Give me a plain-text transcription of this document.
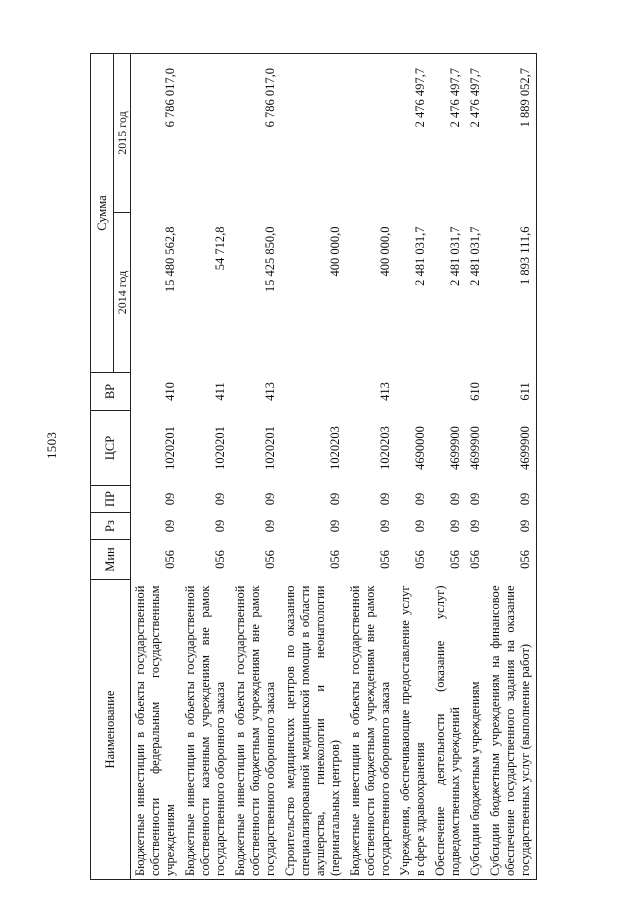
1503
Наименование	Мин	Рз	ПР	ЦСР	ВР	Сумма	
						2014 год	2015 год
Бюджетные инвестиции в объекты государственной собственности федеральным государственным учреждениям	056	09	09	1020201	410	15 480 562,8	6 786 017,0
Бюджетные инвестиции в объекты государственной собственности казенным учреждениям вне рамок государственного оборонного заказа	056	09	09	1020201	411	54 712,8	
Бюджетные инвестиции в объекты государственной собственности бюджетным учреждениям вне рамок государственного оборонного заказа	056	09	09	1020201	413	15 425 850,0	6 786 017,0
Строительство медицинских центров по оказанию специализированной медицинской помощи в области акушерства, гинекологии и неонатологии (перинатальных центров)	056	09	09	1020203		400 000,0	
Бюджетные инвестиции в объекты государственной собственности бюджетным учреждениям вне рамок государственного оборонного заказа	056	09	09	1020203	413	400 000,0	
Учреждения, обеспечивающие предоставление услуг в сфере здравоохранения	056	09	09	4690000		2 481 031,7	2 476 497,7
Обеспечение деятельности (оказание услуг) подведомственных учреждений	056	09	09	4699900		2 481 031,7	2 476 497,7
Субсидии бюджетным учреждениям	056	09	09	4699900	610	2 481 031,7	2 476 497,7
Субсидии бюджетным учреждениям на финансовое обеспечение государственного задания на оказание государственных услуг (выполнение работ)	056	09	09	4699900	611	1 893 111,6	1 889 052,7
